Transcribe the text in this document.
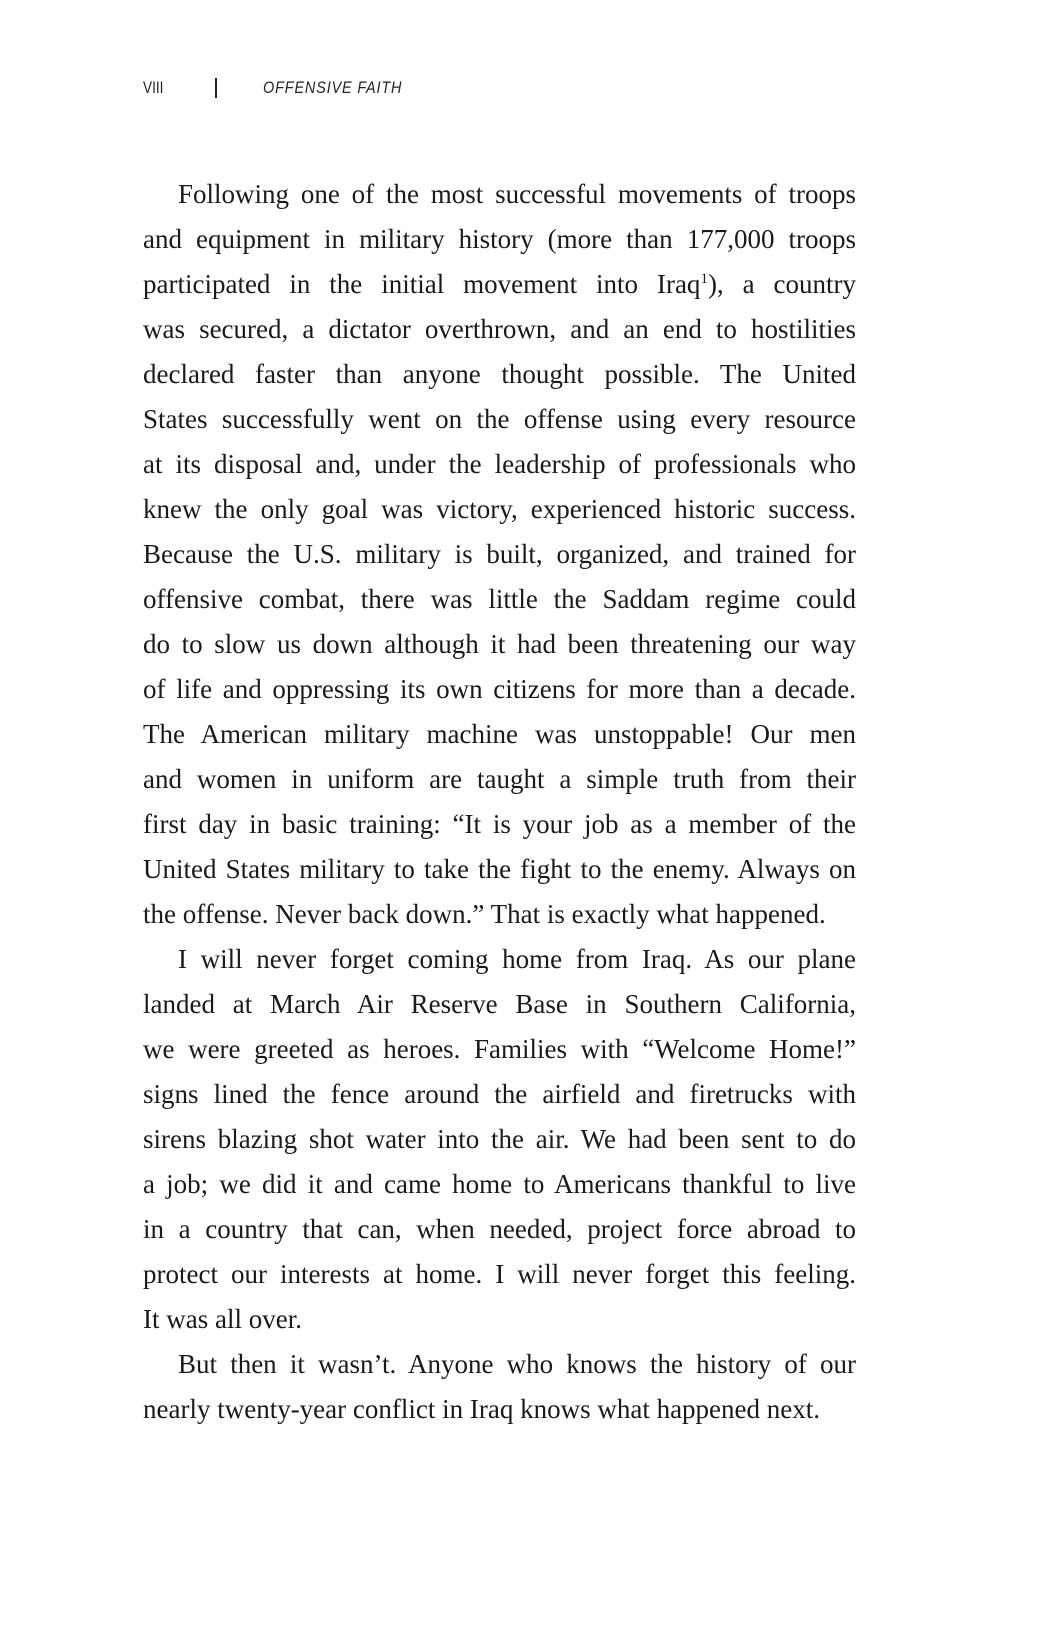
VIII	OFFENSIVE FAITH
Following one of the most successful movements of troops
and equipment in military history (more than 177,000 troops
participated in the initial movement into Iraq$^1$), a country
was secured, a dictator overthrown, and an end to hostilities
declared faster than anyone thought possible. The United
States successfully went on the offense using every resource
at its disposal and, under the leadership of professionals who
knew the only goal was victory, experienced historic success.
Because the U.S. military is built, organized, and trained for
offensive combat, there was little the Saddam regime could
do to slow us down although it had been threatening our way
of life and oppressing its own citizens for more than a decade.
The American military machine was unstoppable! Our men
and women in uniform are taught a simple truth from their
first day in basic training: “It is your job as a member of the
United States military to take the fight to the enemy. Always on
the offense. Never back down.” That is exactly what happened.
I will never forget coming home from Iraq. As our plane
landed at March Air Reserve Base in Southern California,
we were greeted as heroes. Families with “Welcome Home!”
signs lined the fence around the airfield and firetrucks with
sirens blazing shot water into the air. We had been sent to do
a job; we did it and came home to Americans thankful to live
in a country that can, when needed, project force abroad to
protect our interests at home. I will never forget this feeling.
It was all over.
But then it wasn’t. Anyone who knows the history of our
nearly twenty-year conflict in Iraq knows what happened next.
